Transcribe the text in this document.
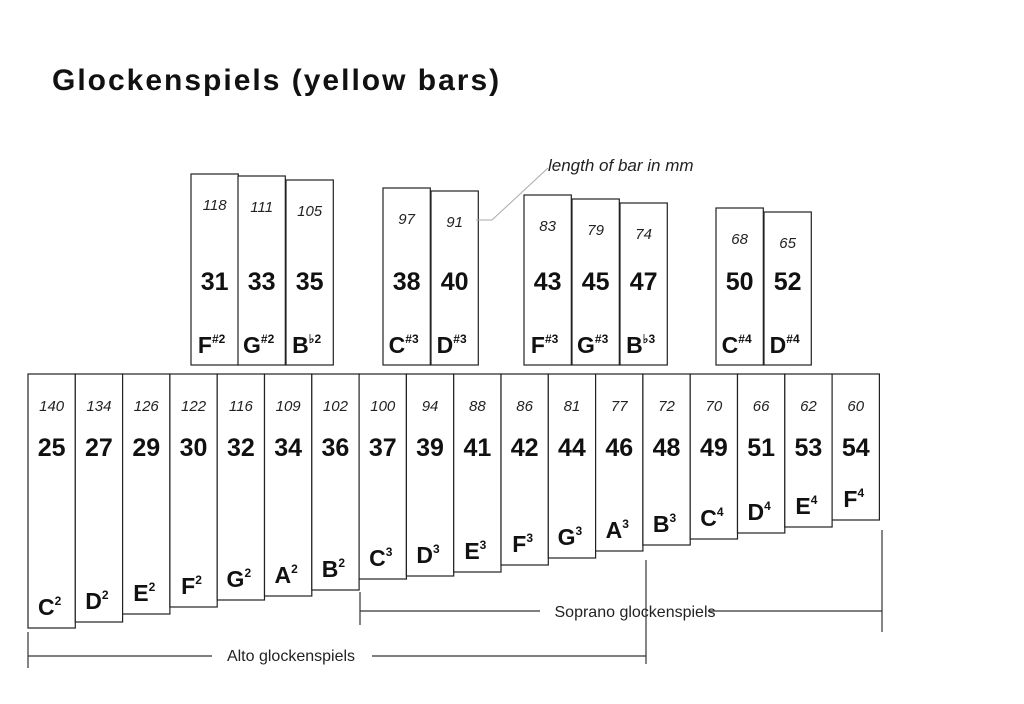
Glockenspiels (yellow bars)
118
31
F#2
111
33
G#2
105
35
B♭2
97
38
C#3
91
40
D#3
83
43
F#3
79
45
G#3
74
47
B♭3
68
50
C#4
65
52
D#4
140
25
$C^2$
134
27
$D^2$
126
29
$E^2$
122
30
$F^2$
116
32
$G^2$
109
34
$A^2$
102
36
$B^2$
100
37
$C^3$
94
39
$D^3$
88
41
$E^3$
86
42
$F^3$
81
44
$G^3$
77
46
$A^3$
72
48
$B^3$
70
49
$C^4$
66
51
$D^4$
62
53
$E^4$
60
54
$F^4$
length of bar in mm
Soprano glockenspiels
Alto glockenspiels
